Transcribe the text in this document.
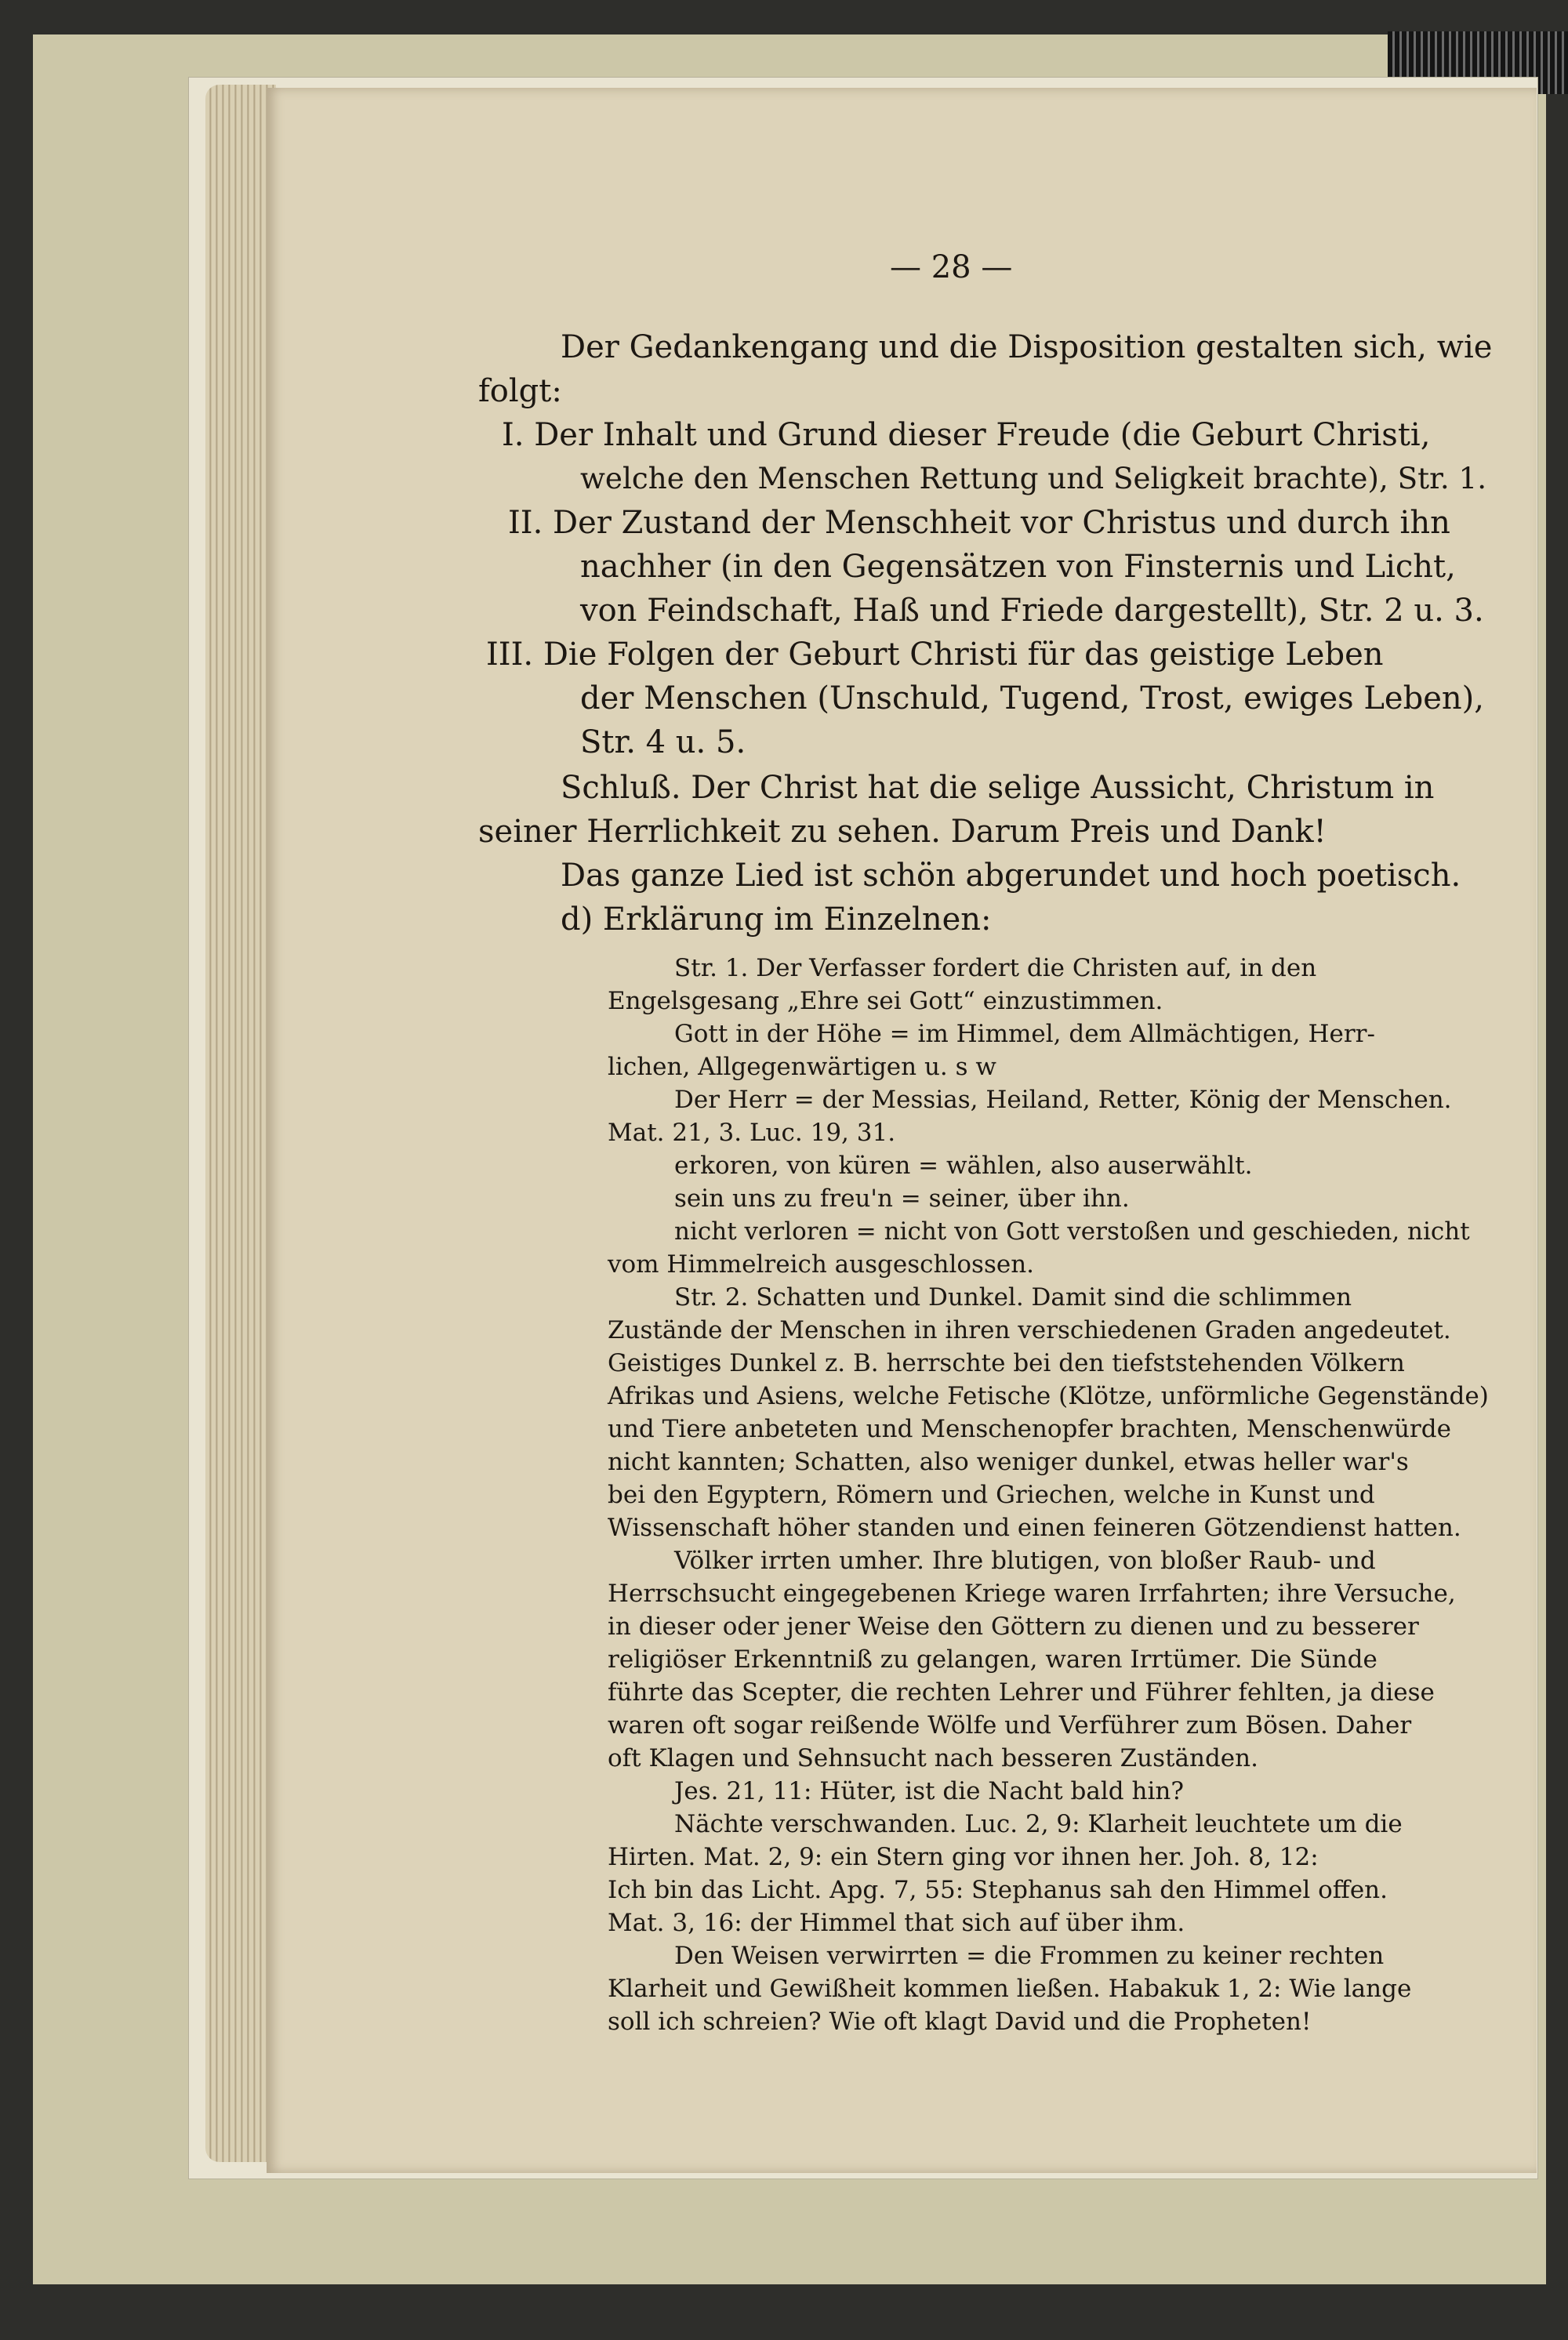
— 28 —
Der Gedankengang und die Disposition gestalten sich, wie
folgt:
I. Der Inhalt und Grund dieser Freude (die Geburt Christi,
welche den Menschen Rettung und Seligkeit brachte), Str. 1.
II. Der Zustand der Menschheit vor Christus und durch ihn
nachher (in den Gegensätzen von Finsternis und Licht,
von Feindschaft, Haß und Friede dargestellt), Str. 2 u. 3.
III. Die Folgen der Geburt Christi für das geistige Leben
der Menschen (Unschuld, Tugend, Trost, ewiges Leben),
Str. 4 u. 5.
Schluß. Der Christ hat die selige Aussicht, Christum in
seiner Herrlichkeit zu sehen. Darum Preis und Dank!
Das ganze Lied ist schön abgerundet und hoch poetisch.
d) Erklärung im Einzelnen:
Str. 1. Der Verfasser fordert die Christen auf, in den
Engelsgesang „Ehre sei Gott“ einzustimmen.
Gott in der Höhe = im Himmel, dem Allmächtigen, Herr-
lichen, Allgegenwärtigen u. s w
Der Herr = der Messias, Heiland, Retter, König der Menschen.
Mat. 21, 3. Luc. 19, 31.
erkoren, von küren = wählen, also auserwählt.
sein uns zu freu'n = seiner, über ihn.
nicht verloren = nicht von Gott verstoßen und geschieden, nicht
vom Himmelreich ausgeschlossen.
Str. 2. Schatten und Dunkel. Damit sind die schlimmen
Zustände der Menschen in ihren verschiedenen Graden angedeutet.
Geistiges Dunkel z. B. herrschte bei den tiefststehenden Völkern
Afrikas und Asiens, welche Fetische (Klötze, unförmliche Gegenstände)
und Tiere anbeteten und Menschenopfer brachten, Menschenwürde
nicht kannten; Schatten, also weniger dunkel, etwas heller war's
bei den Egyptern, Römern und Griechen, welche in Kunst und
Wissenschaft höher standen und einen feineren Götzendienst hatten.
Völker irrten umher. Ihre blutigen, von bloßer Raub- und
Herrschsucht eingegebenen Kriege waren Irrfahrten; ihre Versuche,
in dieser oder jener Weise den Göttern zu dienen und zu besserer
religiöser Erkenntniß zu gelangen, waren Irrtümer. Die Sünde
führte das Scepter, die rechten Lehrer und Führer fehlten, ja diese
waren oft sogar reißende Wölfe und Verführer zum Bösen. Daher
oft Klagen und Sehnsucht nach besseren Zuständen.
Jes. 21, 11: Hüter, ist die Nacht bald hin?
Nächte verschwanden. Luc. 2, 9: Klarheit leuchtete um die
Hirten. Mat. 2, 9: ein Stern ging vor ihnen her. Joh. 8, 12:
Ich bin das Licht. Apg. 7, 55: Stephanus sah den Himmel offen.
Mat. 3, 16: der Himmel that sich auf über ihm.
Den Weisen verwirrten = die Frommen zu keiner rechten
Klarheit und Gewißheit kommen ließen. Habakuk 1, 2: Wie lange
soll ich schreien? Wie oft klagt David und die Propheten!
